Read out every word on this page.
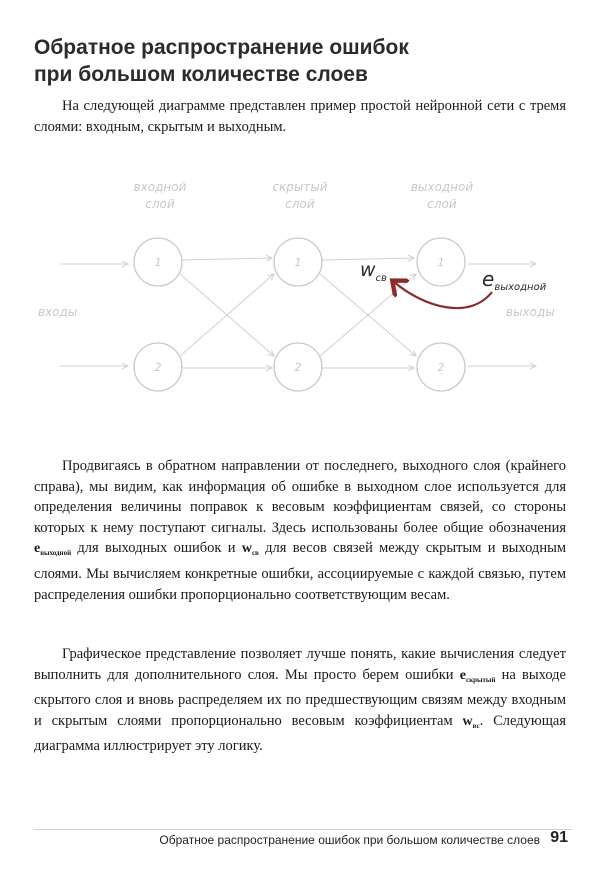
Обратное распространение ошибок
при большом количестве слоев

На следующей диаграмме представлен пример простой нейронной сети с тремя слоями: входным, скрытым и выходным.

входной
слой
скрытый
слой
выходной
слой
входы	выходы
1
2
1
2
1
2
$w_{св}$	$e_{выходной}$

Продвигаясь в обратном направлении от последнего, выходного слоя (крайнего справа), мы видим, как информация об ошибке в выходном слое используется для определения величины поправок к весовым коэффициентам связей, со стороны которых к нему поступают сигналы. Здесь использованы более общие обозначения $e_{выходной}$ для выходных ошибок и $w_{св}$ для весов связей между скрытым и выходным слоями. Мы вычисляем конкретные ошибки, ассоциируемые с каждой связью, путем распределения ошибки пропорционально соответствующим весам.

Графическое представление позволяет лучше понять, какие вычисления следует выполнить для дополнительного слоя. Мы просто берем ошибки $e_{скрытый}$ на выходе скрытого слоя и вновь распределяем их по предшествующим связям между входным и скрытым слоями пропорционально весовым коэффициентам $w_{вс}$. Следующая диаграмма иллюстрирует эту логику.

Обратное распространение ошибок при большом количестве слоев 91
